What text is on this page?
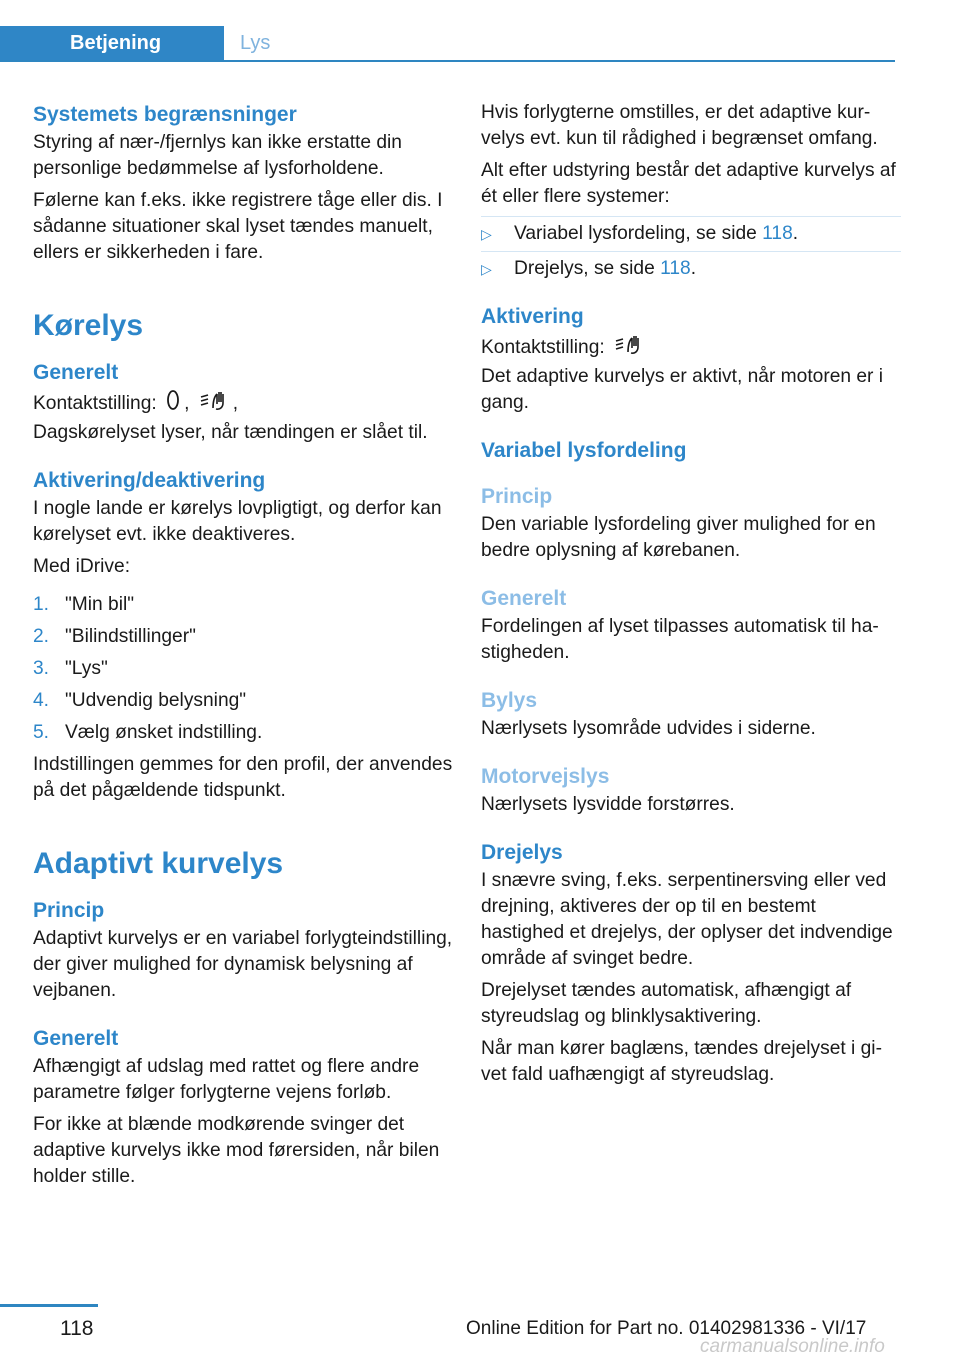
Betjening	Lys
Systemets begrænsninger

Styring af nær-/fjernlys kan ikke erstatte din personlige bedømmelse af lysforholdene.

Følerne kan f.eks. ikke registrere tåge eller dis. I sådanne situationer skal lyset tændes manuelt, ellers er sikkerheden i fare.

Kørelys
Generelt

Kontaktstilling: , ,

Dagskørelyset lyser, når tændingen er slået til.

Aktivering/deaktivering

I nogle lande er kørelys lovpligtigt, og derfor kan kørelyset evt. ikke deaktiveres.

Med iDrive:

1. "Min bil"
2. "Bilindstillinger"
3. "Lys"
4. "Udvendig belysning"
5. Vælg ønsket indstilling.

Indstillingen gemmes for den profil, der anvendes på det pågældende tidspunkt.

Adaptivt kurvelys
Princip

Adaptivt kurvelys er en variabel forlygteindstilling, der giver mulighed for dynamisk belysning af vejbanen.

Generelt

Afhængigt af udslag med rattet og flere andre parametre følger forlygterne vejens forløb.

For ikke at blænde modkørende svinger det adaptive kurvelys ikke mod førersiden, når bilen holder stille.

Hvis forlygterne omstilles, er det adaptive kurvelys evt. kun til rådighed i begrænset omfang.

Alt efter udstyring består det adaptive kurvelys af ét eller flere systemer:

▷	Variabel lysfordeling, se side 118.
▷	Drejelys, se side 118.
Aktivering

Kontaktstilling:

Det adaptive kurvelys er aktivt, når motoren er i gang.

Variabel lysfordeling
Princip

Den variable lysfordeling giver mulighed for en bedre oplysning af kørebanen.

Generelt

Fordelingen af lyset tilpasses automatisk til hastigheden.

Bylys

Nærlysets lysområde udvides i siderne.

Motorvejslys

Nærlysets lysvidde forstørres.

Drejelys

I snævre sving, f.eks. serpentinersving eller ved drejning, aktiveres der op til en bestemt hastighed et drejelys, der oplyser det indvendige område af svinget bedre.

Drejelyset tændes automatisk, afhængigt af styreudslag og blinklysaktivering.

Når man kører baglæns, tændes drejelyset i givet fald uafhængigt af styreudslag.

118	Online Edition for Part no. 01402981336 - VI/17
carmanualsonline.info
